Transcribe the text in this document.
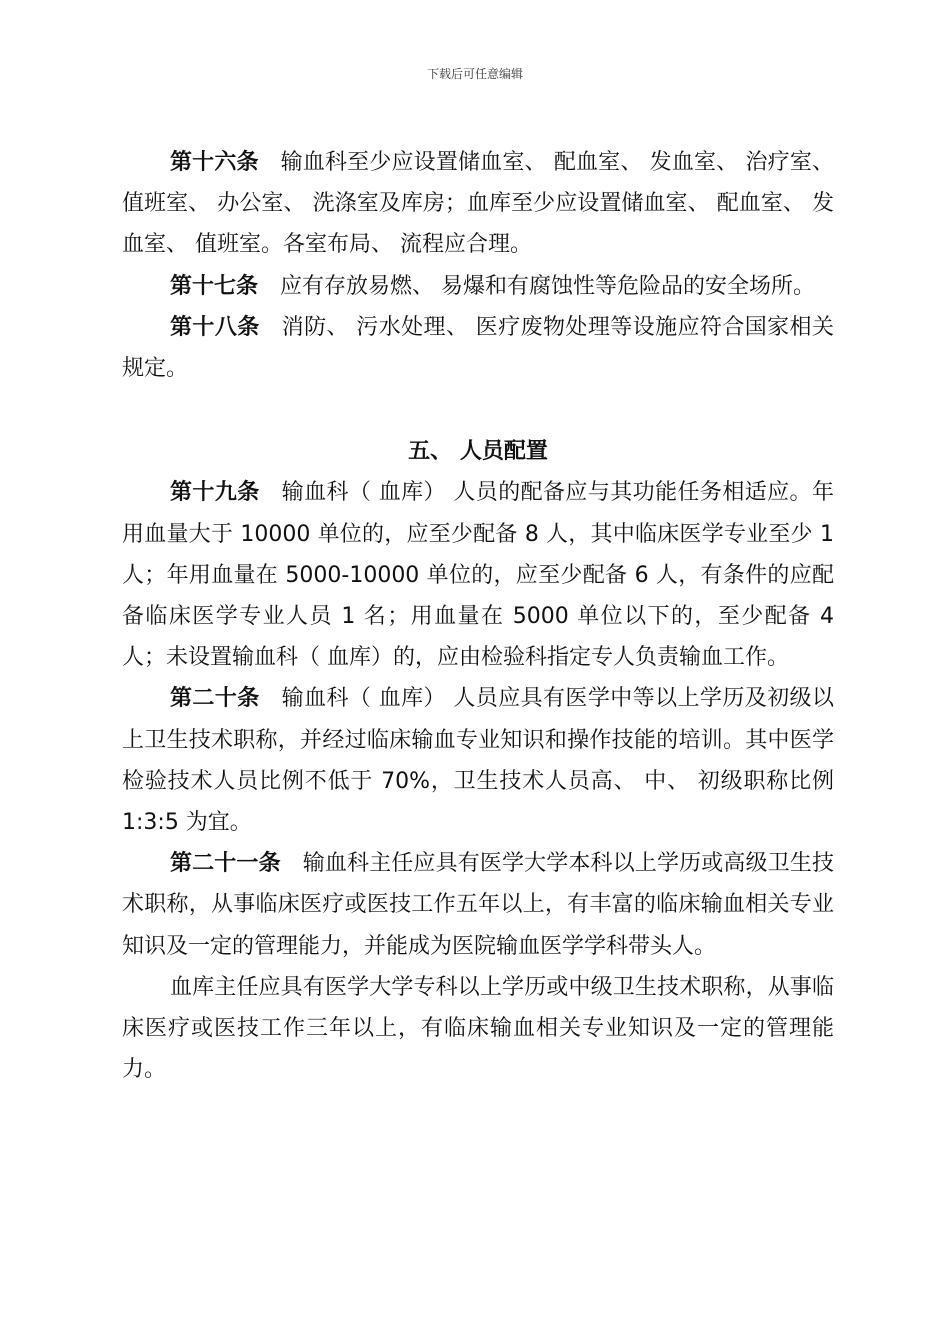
下载后可任意编辑

第十六条 输血科至少应设置储血室、 配血室、 发血室、 治疗室、 值班室、 办公室、 洗涤室及库房；血库至少应设置储血室、 配血室、 发血室、 值班室。各室布局、 流程应合理。

第十七条 应有存放易燃、 易爆和有腐蚀性等危险品的安全场所。

第十八条 消防、 污水处理、 医疗废物处理等设施应符合国家相关规定。

五、 人员配置

第十九条 输血科（ 血库） 人员的配备应与其功能任务相适应。年用血量大于 10000 单位的，应至少配备 8 人，其中临床医学专业至少 1 人；年用血量在 5000-10000 单位的，应至少配备 6 人，有条件的应配备临床医学专业人员 1 名；用血量在 5000 单位以下的，至少配备 4 人；未设置输血科（ 血库）的，应由检验科指定专人负责输血工作。

第二十条 输血科（ 血库） 人员应具有医学中等以上学历及初级以上卫生技术职称，并经过临床输血专业知识和操作技能的培训。其中医学检验技术人员比例不低于 70%，卫生技术人员高、 中、 初级职称比例 1:3:5 为宜。

第二十一条 输血科主任应具有医学大学本科以上学历或高级卫生技术职称，从事临床医疗或医技工作五年以上，有丰富的临床输血相关专业知识及一定的管理能力，并能成为医院输血医学学科带头人。

血库主任应具有医学大学专科以上学历或中级卫生技术职称，从事临床医疗或医技工作三年以上，有临床输血相关专业知识及一定的管理能力。
